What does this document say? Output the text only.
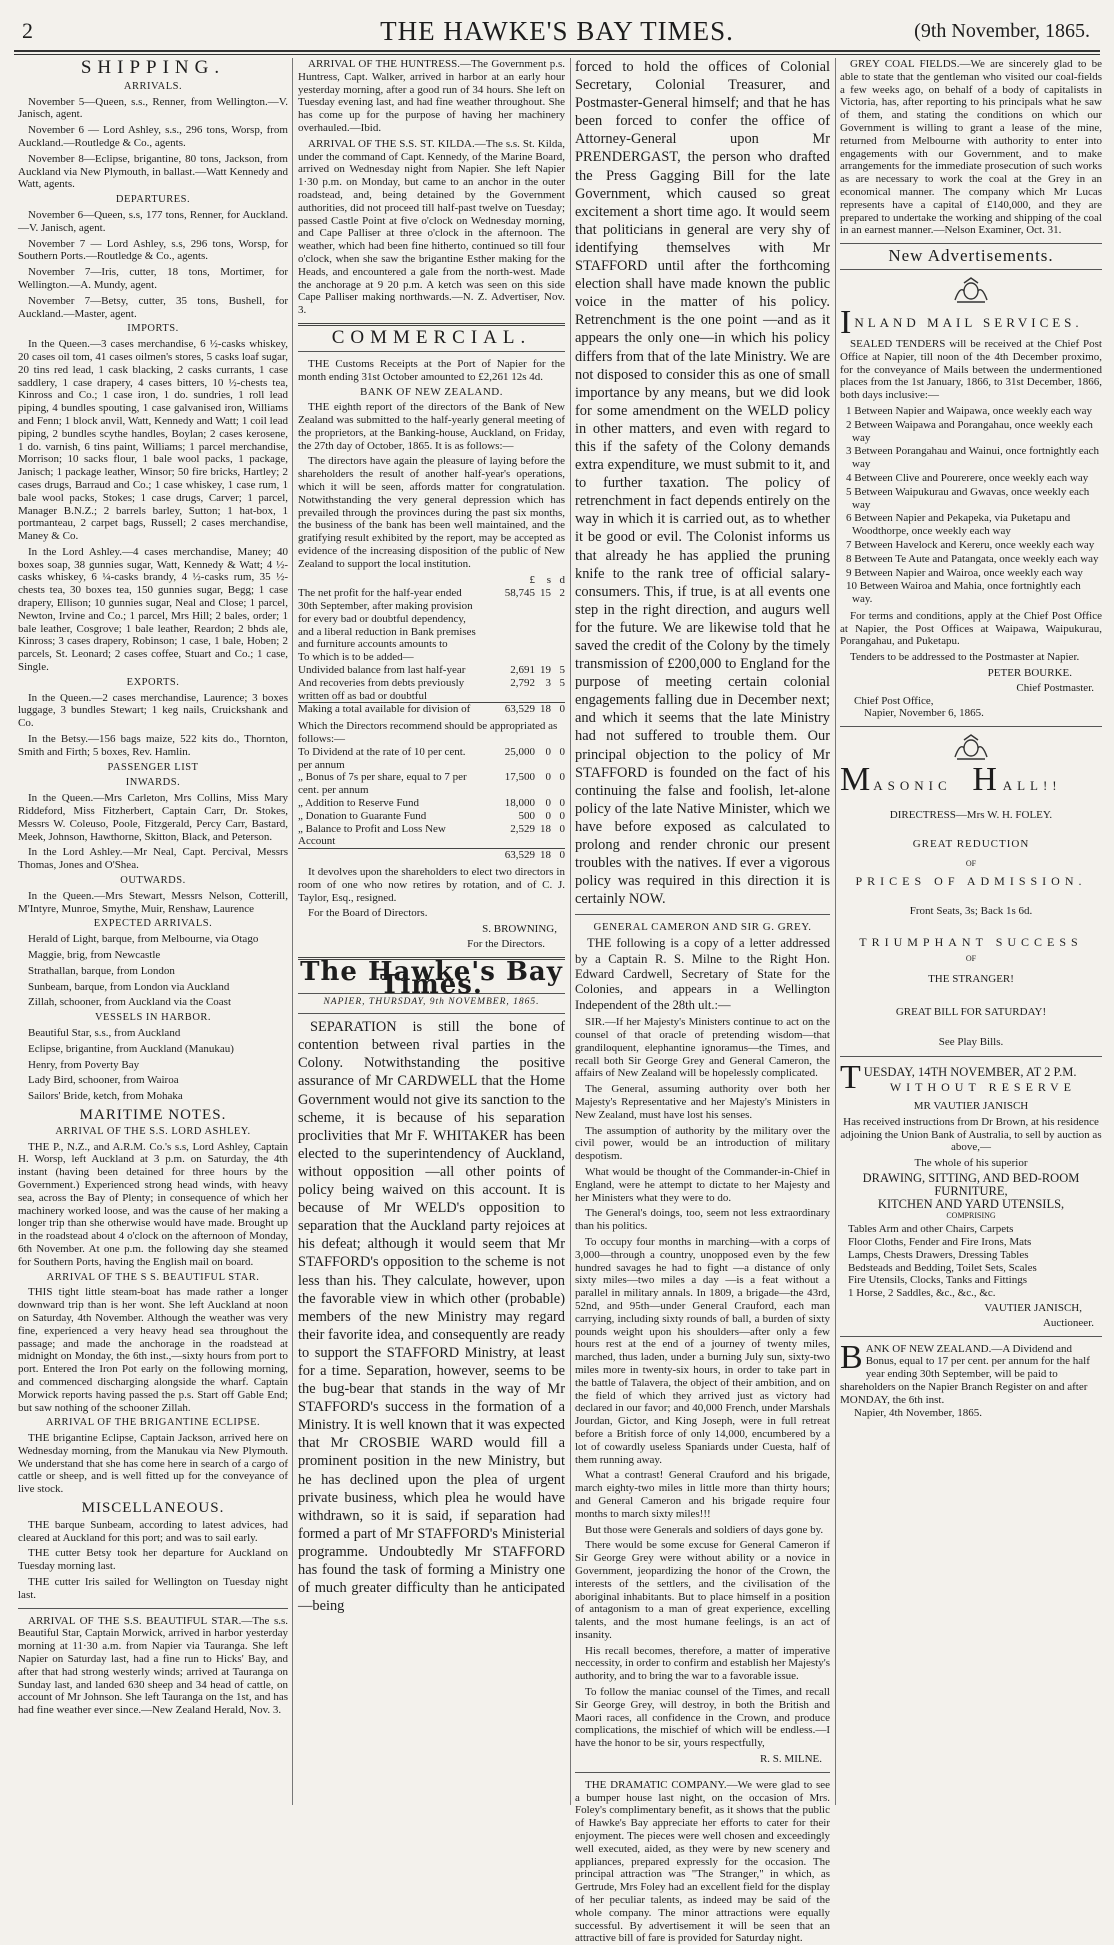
2	THE HAWKE'S BAY TIMES.	(9th November, 1865.
SHIPPING.
ARRIVALS.

November 5—Queen, s.s., Renner, from Wellington.—V. Janisch, agent.

November 6 — Lord Ashley, s.s., 296 tons, Worsp, from Auckland.—Routledge & Co., agents.

November 8—Eclipse, brigantine, 80 tons, Jackson, from Auckland via New Plymouth, in ballast.—Watt Kennedy and Watt, agents.

DEPARTURES.

November 6—Queen, s.s, 177 tons, Renner, for Auckland.—V. Janisch, agent.

November 7 — Lord Ashley, s.s, 296 tons, Worsp, for Southern Ports.—Routledge & Co., agents.

November 7—Iris, cutter, 18 tons, Mortimer, for Wellington.—A. Mundy, agent.

November 7—Betsy, cutter, 35 tons, Bushell, for Auckland.—Master, agent.

IMPORTS.

In the Queen.—3 cases merchandise, 6 ½-casks whiskey, 20 cases oil tom, 41 cases oilmen's stores, 5 casks loaf sugar, 20 tins red lead, 1 cask blacking, 2 casks currants, 1 case saddlery, 1 case drapery, 4 cases bitters, 10 ½-chests tea, Kinross and Co.; 1 case iron, 1 do. sundries, 1 roll lead piping, 4 bundles spouting, 1 case galvanised iron, Williams and Fenn; 1 block anvil, Watt, Kennedy and Watt; 1 coil lead piping, 2 bundles scythe handles, Boylan; 2 cases kerosene, 1 do. varnish, 6 tins paint, Williams; 1 parcel merchandise, Morrison; 10 sacks flour, 1 bale wool packs, 1 package, Janisch; 1 package leather, Winsor; 50 fire bricks, Hartley; 2 cases drugs, Barraud and Co.; 1 case whiskey, 1 case rum, 1 bale wool packs, Stokes; 1 case drugs, Carver; 1 parcel, Manager B.N.Z.; 2 barrels barley, Sutton; 1 hat-box, 1 portmanteau, 2 carpet bags, Russell; 2 cases merchandise, Maney & Co.

In the Lord Ashley.—4 cases merchandise, Maney; 40 boxes soap, 38 gunnies sugar, Watt, Kennedy & Watt; 4 ½-casks whiskey, 6 ¼-casks brandy, 4 ½-casks rum, 35 ½-chests tea, 30 boxes tea, 150 gunnies sugar, Begg; 1 case drapery, Ellison; 10 gunnies sugar, Neal and Close; 1 parcel, Newton, Irvine and Co.; 1 parcel, Mrs Hill; 2 bales, order; 1 bale leather, Cosgrove; 1 bale leather, Reardon; 2 bhds ale, Kinross; 3 cases drapery, Robinson; 1 case, 1 bale, Hoben; 2 parcels, St. Leonard; 2 cases coffee, Stuart and Co.; 1 case, Single.

EXPORTS.

In the Queen.—2 cases merchandise, Laurence; 3 boxes luggage, 3 bundles Stewart; 1 keg nails, Cruickshank and Co.

In the Betsy.—156 bags maize, 522 kits do., Thornton, Smith and Firth; 5 boxes, Rev. Hamlin.

PASSENGER LIST
INWARDS.

In the Queen.—Mrs Carleton, Mrs Collins, Miss Mary Riddeford, Miss Fitzherbert, Captain Carr, Dr. Stokes, Messrs W. Coleuso, Poole, Fitzgerald, Percy Carr, Bastard, Meek, Johnson, Hawthorne, Skitton, Black, and Peterson.

In the Lord Ashley.—Mr Neal, Capt. Percival, Messrs Thomas, Jones and O'Shea.

OUTWARDS.

In the Queen.—Mrs Stewart, Messrs Nelson, Cotterill, M'Intyre, Munroe, Smythe, Muir, Renshaw, Laurence

EXPECTED ARRIVALS.

Herald of Light, barque, from Melbourne, via Otago

Maggie, brig, from Newcastle

Strathallan, barque, from London

Sunbeam, barque, from London via Auckland

Zillah, schooner, from Auckland via the Coast

VESSELS IN HARBOR.

Beautiful Star, s.s., from Auckland

Eclipse, brigantine, from Auckland (Manukau)

Henry, from Poverty Bay

Lady Bird, schooner, from Wairoa

Sailors' Bride, ketch, from Mohaka

MARITIME NOTES.
ARRIVAL OF THE S.S. LORD ASHLEY.

THE P., N.Z., and A.R.M. Co.'s s.s, Lord Ashley, Captain H. Worsp, left Auckland at 3 p.m. on Saturday, the 4th instant (having been detained for three hours by the Government.) Experienced strong head winds, with heavy sea, across the Bay of Plenty; in consequence of which her machinery worked loose, and was the cause of her making a longer trip than she otherwise would have made. Brought up in the roadstead about 4 o'clock on the afternoon of Monday, 6th November. At one p.m. the following day she steamed for Southern Ports, having the English mail on board.

ARRIVAL OF THE S S. BEAUTIFUL STAR.

THIS tight little steam-boat has made rather a longer downward trip than is her wont. She left Auckland at noon on Saturday, 4th November. Although the weather was very fine, experienced a very heavy head sea throughout the passage; and made the anchorage in the roadstead at midnight on Monday, the 6th inst.,—sixty hours from port to port. Entered the Iron Pot early on the following morning, and commenced discharging alongside the wharf. Captain Morwick reports having passed the p.s. Start off Gable End; but saw nothing of the schooner Zillah.

ARRIVAL OF THE BRIGANTINE ECLIPSE.

THE brigantine Eclipse, Captain Jackson, arrived here on Wednesday morning, from the Manukau via New Plymouth. We understand that she has come here in search of a cargo of cattle or sheep, and is well fitted up for the conveyance of live stock.

MISCELLANEOUS.

THE barque Sunbeam, according to latest advices, had cleared at Auckland for this port; and was to sail early.

THE cutter Betsy took her departure for Auckland on Tuesday morning last.

THE cutter Iris sailed for Wellington on Tuesday night last.

ARRIVAL OF THE S.S. BEAUTIFUL STAR.—The s.s. Beautiful Star, Captain Morwick, arrived in harbor yesterday morning at 11·30 a.m. from Napier via Tauranga. She left Napier on Saturday last, had a fine run to Hicks' Bay, and after that had strong westerly winds; arrived at Tauranga on Sunday last, and landed 630 sheep and 34 head of cattle, on account of Mr Johnson. She left Tauranga on the 1st, and has had fine weather ever since.—New Zealand Herald, Nov. 3.

ARRIVAL OF THE HUNTRESS.—The Government p.s. Huntress, Capt. Walker, arrived in harbor at an early hour yesterday morning, after a good run of 34 hours. She left on Tuesday evening last, and had fine weather throughout. She has come up for the purpose of having her machinery overhauled.—Ibid.

ARRIVAL OF THE S.S. ST. KILDA.—The s.s. St. Kilda, under the command of Capt. Kennedy, of the Marine Board, arrived on Wednesday night from Napier. She left Napier 1·30 p.m. on Monday, but came to an anchor in the outer roadstead, and, being detained by the Government authorities, did not proceed till half-past twelve on Tuesday; passed Castle Point at five o'clock on Wednesday morning, and Cape Palliser at three o'clock in the afternoon. The weather, which had been fine hitherto, continued so till four o'clock, when she saw the brigantine Esther making for the Heads, and encountered a gale from the north-west. Made the anchorage at 9 20 p.m. A ketch was seen on this side Cape Palliser making northwards.—N. Z. Advertiser, Nov. 3.

COMMERCIAL.

THE Customs Receipts at the Port of Napier for the month ending 31st October amounted to £2,261 12s 4d.

BANK OF NEW ZEALAND.

THE eighth report of the directors of the Bank of New Zealand was submitted to the half-yearly general meeting of the proprietors, at the Banking-house, Auckland, on Friday, the 27th day of October, 1865. It is as follows:—

The directors have again the pleasure of laying before the shareholders the result of another half-year's operations, which it will be seen, affords matter for congratulation. Notwithstanding the very general depression which has prevailed through the provinces during the past six months, the business of the bank has been well maintained, and the gratifying result exhibited by the report, may be accepted as evidence of the increasing disposition of the public of New Zealand to support the local institution.

	£	s	d
The net profit for the half-year ended 30th September, after making provision for every bad or doubtful dependency, and a liberal reduction in Bank premises and furniture accounts amounts to	58,745	15	2
To which is to be added—			
Undivided balance from last half-year	2,691	19	5
And recoveries from debts previously written off as bad or doubtful	2,792	3	5
Making a total available for division of	63,529	18	0
Which the Directors recommend should be appropriated as follows:—			
To Dividend at the rate of 10 per cent. per annum	25,000	0	0
„ Bonus of 7s per share, equal to 7 per cent. per annum	17,500	0	0
„ Addition to Reserve Fund	18,000	0	0
„ Donation to Guarante Fund	500	0	0
„ Balance to Profit and Loss New Account	2,529	18	0
	63,529	18	0

It devolves upon the shareholders to elect two directors in room of one who now retires by rotation, and of C. J. Taylor, Esq., resigned.

For the Board of Directors.

S. BROWNING,
For the Directors.
The Hawke's Bay Times.
NAPIER, THURSDAY, 9th NOVEMBER, 1865.

SEPARATION is still the bone of contention between rival parties in the Colony. Notwithstanding the positive assurance of Mr CARDWELL that the Home Government would not give its sanction to the scheme, it is because of his separation proclivities that Mr F. WHITAKER has been elected to the superintendency of Auckland, without opposition —all other points of policy being waived on this account. It is because of Mr WELD's opposition to separation that the Auckland party rejoices at his defeat; although it would seem that Mr STAFFORD's opposition to the scheme is not less than his. They calculate, however, upon the favorable view in which other (probable) members of the new Ministry may regard their favorite idea, and consequently are ready to support the STAFFORD Ministry, at least for a time. Separation, however, seems to be the bug-bear that stands in the way of Mr STAFFORD's success in the formation of a Ministry. It is well known that it was expected that Mr CROSBIE WARD would fill a prominent position in the new Ministry, but he has declined upon the plea of urgent private business, which plea he would have withdrawn, so it is said, if separation had formed a part of Mr STAFFORD's Ministerial programme. Undoubtedly Mr STAFFORD has found the task of forming a Ministry one of much greater difficulty than he anticipated—being

forced to hold the offices of Colonial Secretary, Colonial Treasurer, and Postmaster-General himself; and that he has been forced to confer the office of Attorney-General upon Mr PRENDERGAST, the person who drafted the Press Gagging Bill for the late Government, which caused so great excitement a short time ago. It would seem that politicians in general are very shy of identifying themselves with Mr STAFFORD until after the forthcoming election shall have made known the public voice in the matter of his policy. Retrenchment is the one point —and as it appears the only one—in which his policy differs from that of the late Ministry. We are not disposed to consider this as one of small importance by any means, but we did look for some amendment on the WELD policy in other matters, and even with regard to this if the safety of the Colony demands extra expenditure, we must submit to it, and to further taxation. The policy of retrenchment in fact depends entirely on the way in which it is carried out, as to whether it be good or evil. The Colonist informs us that already he has applied the pruning knife to the rank tree of official salary-consumers. This, if true, is at all events one step in the right direction, and augurs well for the future. We are likewise told that he saved the credit of the Colony by the timely transmission of £200,000 to England for the purpose of meeting certain colonial engagements falling due in December next; and which it seems that the late Ministry had not suffered to trouble them. Our principal objection to the policy of Mr STAFFORD is founded on the fact of his continuing the false and foolish, let-alone policy of the late Native Minister, which we have before exposed as calculated to prolong and render chronic our present troubles with the natives. If ever a vigorous policy was required in this direction it is certainly NOW.

GENERAL CAMERON AND SIR G. GREY.

THE following is a copy of a letter addressed by a Captain R. S. Milne to the Right Hon. Edward Cardwell, Secretary of State for the Colonies, and appears in a Wellington Independent of the 28th ult.:—

SIR.—If her Majesty's Ministers continue to act on the counsel of that oracle of pretending wisdom—that grandiloquent, elephantine ignoramus—the Times, and recall both Sir George Grey and General Cameron, the affairs of New Zealand will be hopelessly complicated.

The General, assuming authority over both her Majesty's Representative and her Majesty's Ministers in New Zealand, must have lost his senses.

The assumption of authority by the military over the civil power, would be an introduction of military despotism.

What would be thought of the Commander-in-Chief in England, were he attempt to dictate to her Majesty and her Ministers what they were to do.

The General's doings, too, seem not less extraordinary than his politics.

To occupy four months in marching—with a corps of 3,000—through a country, unopposed even by the few hundred savages he had to fight —a distance of only sixty miles—two miles a day —is a feat without a parallel in military annals. In 1809, a brigade—the 43rd, 52nd, and 95th—under General Crauford, each man carrying, including sixty rounds of ball, a burden of sixty pounds weight upon his shoulders—after only a few hours rest at the end of a journey of twenty miles, marched, thus laden, under a burning July sun, sixty-two miles more in twenty-six hours, in order to take part in the battle of Talavera, the object of their ambition, and on the field of which they arrived just as victory had declared in our favor; and 40,000 French, under Marshals Jourdan, Gictor, and King Joseph, were in full retreat before a British force of only 14,000, encumbered by a lot of cowardly useless Spaniards under Cuesta, half of them running away.

What a contrast! General Crauford and his brigade, march eighty-two miles in little more than thirty hours; and General Cameron and his brigade require four months to march sixty miles!!!

But those were Generals and soldiers of days gone by.

There would be some excuse for General Cameron if Sir George Grey were without ability or a novice in Government, jeopardizing the honor of the Crown, the interests of the settlers, and the civilisation of the aboriginal inhabitants. But to place himself in a position of antagonism to a man of great experience, excelling talents, and the most humane feelings, is an act of insanity.

His recall becomes, therefore, a matter of imperative neccessity, in order to confirm and establish her Majesty's authority, and to bring the war to a favorable issue.

To follow the maniac counsel of the Times, and recall Sir George Grey, will destroy, in both the British and Maori races, all confidence in the Crown, and produce complications, the mischief of which will be endless.—I have the honor to be sir, yours respectfully,

R. S. MILNE.

THE DRAMATIC COMPANY.—We were glad to see a bumper house last night, on the occasion of Mrs. Foley's complimentary benefit, as it shows that the public of Hawke's Bay appreciate her efforts to cater for their enjoyment. The pieces were well chosen and exceedingly well executed, aided, as they were by new scenery and appliances, prepared expressly for the occasion. The principal attraction was "The Stranger," in which, as Gertrude, Mrs Foley had an excellent field for the display of her peculiar talents, as indeed may be said of the whole company. The minor attractions were equally successful. By advertisement it will be seen that an attractive bill of fare is provided for Saturday night.

GREY COAL FIELDS.—We are sincerely glad to be able to state that the gentleman who visited our coal-fields a few weeks ago, on behalf of a body of capitalists in Victoria, has, after reporting to his principals what he saw of them, and stating the conditions on which our Government is willing to grant a lease of the mine, returned from Melbourne with authority to enter into engagements with our Government, and to make arrangements for the immediate prosecution of such works as are necessary to work the coal at the Grey in an economical manner. The company which Mr Lucas represents have a capital of £140,000, and they are prepared to undertake the working and shipping of the coal in an earnest manner.—Nelson Examiner, Oct. 31.

New Advertisements.
I NLAND MAIL SERVICES.

SEALED TENDERS will be received at the Chief Post Office at Napier, till noon of the 4th December proximo, for the conveyance of Mails between the undermentioned places from the 1st January, 1866, to 31st December, 1866, both days inclusive:—

1 Between Napier and Waipawa, once weekly each way
2 Between Waipawa and Porangahau, once weekly each way
3 Between Porangahau and Wainui, once fortnightly each way
4 Between Clive and Pourerere, once weekly each way
5 Between Waipukurau and Gwavas, once weekly each way
6 Between Napier and Pekapeka, via Puketapu and Woodthorpe, once weekly each way
7 Between Havelock and Kereru, once weekly each way
8 Between Te Aute and Patangata, once weekly each way
9 Between Napier and Wairoa, once weekly each way
10 Between Wairoa and Mahia, once fortnightly each way.

For terms and conditions, apply at the Chief Post Office at Napier, the Post Offices at Waipawa, Waipukurau, Porangahau, and Puketapu.

Tenders to be addressed to the Postmaster at Napier.

PETER BOURKE.
Chief Postmaster.
Chief Post Office,
Napier, November 6, 1865.
M ASONIC H ALL!!
DIRECTRESS—Mrs W. H. FOLEY.
GREAT REDUCTION
OF
PRICES OF ADMISSION.
Front Seats, 3s; Back 1s 6d.
TRIUMPHANT SUCCESS
OF
THE STRANGER!
GREAT BILL FOR SATURDAY!
See Play Bills.
T UESDAY, 14TH NOVEMBER, AT 2 P.M.
WITHOUT RESERVE
MR VAUTIER JANISCH

Has received instructions from Dr Brown, at his residence adjoining the Union Bank of Australia, to sell by auction as above,—

The whole of his superior
DRAWING, SITTING, AND BED-ROOM
FURNITURE,
KITCHEN AND YARD UTENSILS,
COMPRISING
Tables Arm and other Chairs, Carpets
Floor Cloths, Fender and Fire Irons, Mats
Lamps, Chests Drawers, Dressing Tables
Bedsteads and Bedding, Toilet Sets, Scales
Fire Utensils, Clocks, Tanks and Fittings
1 Horse, 2 Saddles, &c., &c., &c.
VAUTIER JANISCH,
Auctioneer.
B ANK OF NEW ZEALAND.—A Dividend and Bonus, equal to 17 per cent. per annum for the half year ending 30th September, will be paid to shareholders on the Napier Branch Register on and after MONDAY, the 6th inst.
Napier, 4th November, 1865.
